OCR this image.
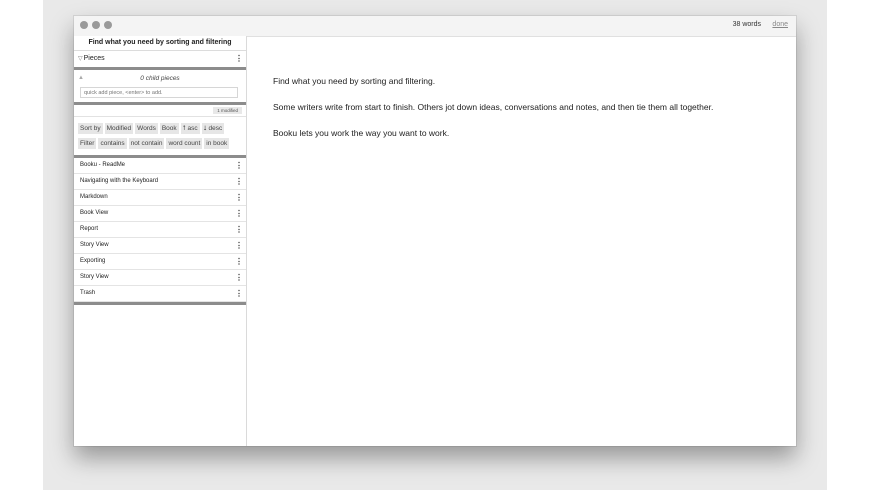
38 words done
Find what you need by sorting and filtering
▽Pieces	⋮
▲	0 child pieces
quick add piece, <enter> to add.
1 modified
Sort by Modified Words Book ⭡ asc ⭣ desc
Filter contains not contain word count in book
Booku - ReadMe	⋮
Navigating with the Keyboard	⋮
Markdown	⋮
Book View	⋮
Report	⋮
Story View	⋮
Exporting	⋮
Story View	⋮
Trash	⋮

Find what you need by sorting and filtering.

Some writers write from start to finish. Others jot down ideas, conversations and notes, and then tie them all together.

Booku lets you work the way you want to work.
